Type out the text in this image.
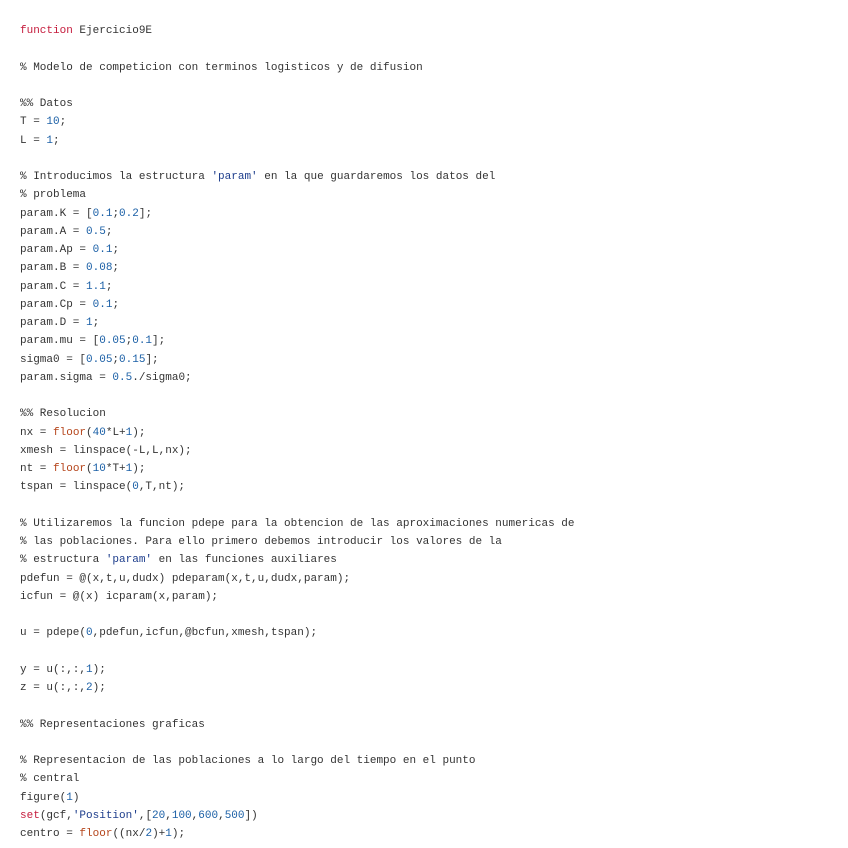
function Ejercicio9E
% Modelo de competicion con terminos logisticos y de difusion
%% Datos
T = 10;
L = 1;
% Introducimos la estructura 'param' en la que guardaremos los datos del
% problema
param.K = [0.1;0.2];
param.A = 0.5;
param.Ap = 0.1;
param.B = 0.08;
param.C = 1.1;
param.Cp = 0.1;
param.D = 1;
param.mu = [0.05;0.1];
sigma0 = [0.05;0.15];
param.sigma = 0.5./sigma0;
%% Resolucion
nx = floor(40*L+1);
xmesh = linspace(-L,L,nx);
nt = floor(10*T+1);
tspan = linspace(0,T,nt);
% Utilizaremos la funcion pdepe para la obtencion de las aproximaciones numericas de
% las poblaciones. Para ello primero debemos introducir los valores de la
% estructura 'param' en las funciones auxiliares
pdefun = @(x,t,u,dudx) pdeparam(x,t,u,dudx,param);
icfun = @(x) icparam(x,param);
u = pdepe(0,pdefun,icfun,@bcfun,xmesh,tspan);
y = u(:,:,1);
z = u(:,:,2);
%% Representaciones graficas
% Representacion de las poblaciones a lo largo del tiempo en el punto
% central
figure(1)
set(gcf,'Position',[20,100,600,500])
centro = floor((nx/2)+1);
